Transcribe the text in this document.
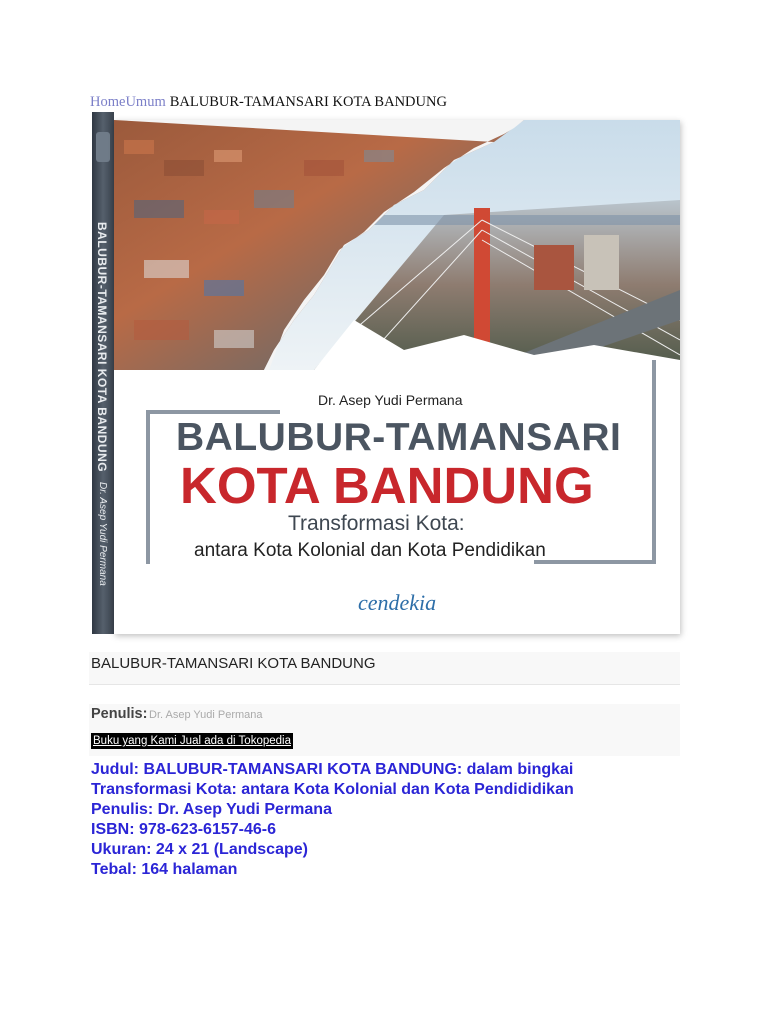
HomeUmum BALUBUR-TAMANSARI KOTA BANDUNG
BALUBUR-TAMANSARI KOTA BANDUNG
Dr. Asep Yudi Permana
Dr. Asep Yudi Permana
BALUBUR-TAMANSARI
KOTA BANDUNG
Transformasi Kota:
antara Kota Kolonial dan Kota Pendidikan
cendekia
BALUBUR-TAMANSARI KOTA BANDUNG
Penulis: Dr. Asep Yudi Permana
Buku yang Kami Jual ada di Tokopedia
Judul: BALUBUR-TAMANSARI KOTA BANDUNG: dalam bingkai
Transformasi Kota: antara Kota Kolonial dan Kota Pendididikan
Penulis: Dr. Asep Yudi Permana
ISBN: 978-623-6157-46-6
Ukuran: 24 x 21 (Landscape)
Tebal: 164 halaman
